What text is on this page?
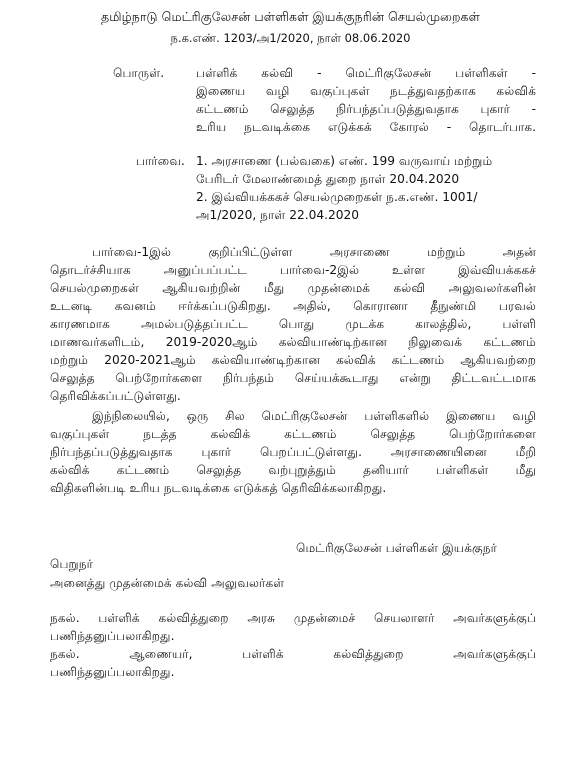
தமிழ்நாடு மெட்ரிகுலேசன் பள்ளிகள் இயக்குநரின் செயல்முறைகள்
ந.க.எண். 1203/அ1/2020, நாள் 08.06.2020
பொருள்.	பள்ளிக் கல்வி - மெட்ரிகுலேசன் பள்ளிகள் -
இணைய வழி வகுப்புகள் நடத்துவதற்காக கல்விக்
கட்டணம் செலுத்த நிர்பந்தப்படுத்துவதாக புகார் -
உரிய நடவடிக்கை எடுக்கக் கோரல் - தொடர்பாக.
பார்வை. 1. அரசாணை (பல்வகை) எண். 199 வருவாய் மற்றும்
பேரிடர் மேலாண்மைத் துறை நாள் 20.04.2020
2. இவ்வியக்ககச் செயல்முறைகள் ந.க.எண். 1001/
அ1/2020, நாள் 22.04.2020
பார்வை-1இல் குறிப்பிட்டுள்ள அரசாணை மற்றும் அதன்
தொடர்ச்சியாக அனுப்பப்பட்ட பார்வை-2இல் உள்ள இவ்வியக்ககச்
செயல்முறைகள் ஆகியவற்றின் மீது முதன்மைக் கல்வி அலுவலர்களின்
உடனடி கவனம் ஈர்க்கப்படுகிறது. அதில், கொரானா தீநுண்மி பரவல்
காரணமாக அமல்படுத்தப்பட்ட பொது முடக்க காலத்தில், பள்ளி
மாணவர்களிடம், 2019-2020ஆம் கல்வியாண்டிற்கான நிலுவைக் கட்டணம்
மற்றும் 2020-2021ஆம் கல்வியாண்டிற்கான கல்விக் கட்டணம் ஆகியவற்றை
செலுத்த பெற்றோர்களை நிர்பந்தம் செய்யக்கூடாது என்று திட்டவட்டமாக
தெரிவிக்கப்பட்டுள்ளது.
இந்நிலையில், ஒரு சில மெட்ரிகுலேசன் பள்ளிகளில் இணைய வழி
வகுப்புகள் நடத்த கல்விக் கட்டணம் செலுத்த பெற்றோர்களை
நிர்பந்தப்படுத்துவதாக புகார் பெறப்பட்டுள்ளது. அரசாணையினை மீறி
கல்விக் கட்டணம் செலுத்த வற்புறுத்தும் தனியார் பள்ளிகள் மீது
விதிகளின்படி உரிய நடவடிக்கை எடுக்கத் தெரிவிக்கலாகிறது.
மெட்ரிகுலேசன் பள்ளிகள் இயக்குநர்
பெறுநர்
அனைத்து முதன்மைக் கல்வி அலுவலர்கள்
நகல். பள்ளிக் கல்வித்துறை அரசு முதன்மைச் செயலாளர் அவர்களுக்குப்
பணிந்தனுப்பலாகிறது.
நகல். ஆணையர், பள்ளிக் கல்வித்துறை அவர்களுக்குப்
பணிந்தனுப்பலாகிறது.
